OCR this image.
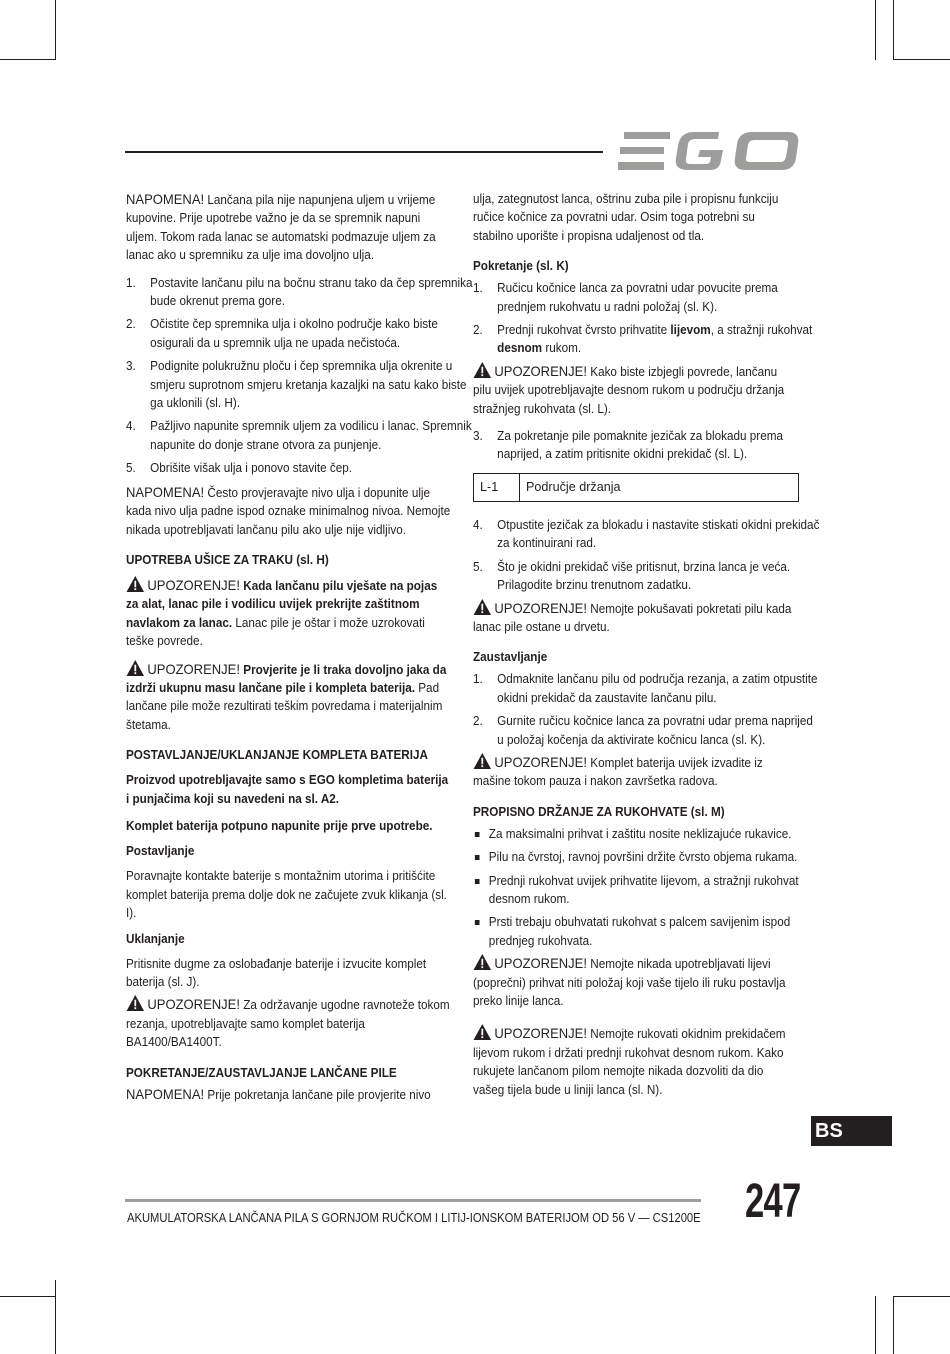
NAPOMENA! Lančana pila nije napunjena uljem u vrijeme kupovine. Prije upotrebe važno je da se spremnik napuni uljem. Tokom rada lanac se automatski podmazuje uljem za lanac ako u spremniku za ulje ima dovoljno ulja.

1. Postavite lančanu pilu na bočnu stranu tako da čep spremnika bude okrenut prema gore.
2. Očistite čep spremnika ulja i okolno područje kako biste osigurali da u spremnik ulja ne upada nečistoća.
3. Podignite polukružnu ploču i čep spremnika ulja okrenite u smjeru suprotnom smjeru kretanja kazaljki na satu kako biste ga uklonili (sl. H).
4. Pažljivo napunite spremnik uljem za vodilicu i lanac. Spremnik napunite do donje strane otvora za punjenje.
5. Obrišite višak ulja i ponovo stavite čep.

NAPOMENA! Često provjeravajte nivo ulja i dopunite ulje kada nivo ulja padne ispod oznake minimalnog nivoa. Nemojte nikada upotrebljavati lančanu pilu ako ulje nije vidljivo.

UPOTREBA UŠICE ZA TRAKU (sl. H)

UPOZORENJE! Kada lančanu pilu vješate na pojas za alat, lanac pile i vodilicu uvijek prekrijte zaštitnom navlakom za lanac. Lanac pile je oštar i može uzrokovati teške povrede.

UPOZORENJE! Provjerite je li traka dovoljno jaka da izdrži ukupnu masu lančane pile i kompleta baterija. Pad lančane pile može rezultirati teškim povredama i materijalnim štetama.

POSTAVLJANJE/UKLANJANJE KOMPLETA BATERIJA

Proizvod upotrebljavajte samo s EGO kompletima baterija i punjačima koji su navedeni na sl. A2.

Komplet baterija potpuno napunite prije prve upotrebe.

Postavljanje

Poravnajte kontakte baterije s montažnim utorima i pritišćite komplet baterija prema dolje dok ne začujete zvuk klikanja (sl. I).

Uklanjanje

Pritisnite dugme za oslobađanje baterije i izvucite komplet baterija (sl. J).

UPOZORENJE! Za održavanje ugodne ravnoteže tokom rezanja, upotrebljavajte samo komplet baterija BA1400/BA1400T.

POKRETANJE/ZAUSTAVLJANJE LANČANE PILE

NAPOMENA! Prije pokretanja lančane pile provjerite nivo

ulja, zategnutost lanca, oštrinu zuba pile i propisnu funkciju ručice kočnice za povratni udar. Osim toga potrebni su stabilno uporište i propisna udaljenost od tla.

Pokretanje (sl. K)

1. Ručicu kočnice lanca za povratni udar povucite prema prednjem rukohvatu u radni položaj (sl. K).
2. Prednji rukohvat čvrsto prihvatite lijevom, a stražnji rukohvat desnom rukom.

UPOZORENJE! Kako biste izbjegli povrede, lančanu pilu uvijek upotrebljavajte desnom rukom u području držanja stražnjeg rukohvata (sl. L).

3. Za pokretanje pile pomaknite jezičak za blokadu prema naprijed, a zatim pritisnite okidni prekidač (sl. L).
L-1	Područje držanja
4. Otpustite jezičak za blokadu i nastavite stiskati okidni prekidač za kontinuirani rad.
5. Što je okidni prekidač više pritisnut, brzina lanca je veća. Prilagodite brzinu trenutnom zadatku.

UPOZORENJE! Nemojte pokušavati pokretati pilu kada lanac pile ostane u drvetu.

Zaustavljanje

1. Odmaknite lančanu pilu od područja rezanja, a zatim otpustite okidni prekidač da zaustavite lančanu pilu.
2. Gurnite ručicu kočnice lanca za povratni udar prema naprijed u položaj kočenja da aktivirate kočnicu lanca (sl. K).

UPOZORENJE! Komplet baterija uvijek izvadite iz mašine tokom pauza i nakon završetka radova.

PROPISNO DRŽANJE ZA RUKOHVATE (sl. M)

Za maksimalni prihvat i zaštitu nosite neklizajuće rukavice.
Pilu na čvrstoj, ravnoj površini držite čvrsto objema rukama.
Prednji rukohvat uvijek prihvatite lijevom, a stražnji rukohvat desnom rukom.
Prsti trebaju obuhvatati rukohvat s palcem savijenim ispod prednjeg rukohvata.

UPOZORENJE! Nemojte nikada upotrebljavati lijevi (poprečni) prihvat niti položaj koji vaše tijelo ili ruku postavlja preko linije lanca.

UPOZORENJE! Nemojte rukovati okidnim prekidačem lijevom rukom i držati prednji rukohvat desnom rukom. Kako rukujete lančanom pilom nemojte nikada dozvoliti da dio vašeg tijela bude u liniji lanca (sl. N).

BS
AKUMULATORSKA LANČANA PILA S GORNJOM RUČKOM I LITIJ-IONSKOM BATERIJOM OD 56 V — CS1200E 247
